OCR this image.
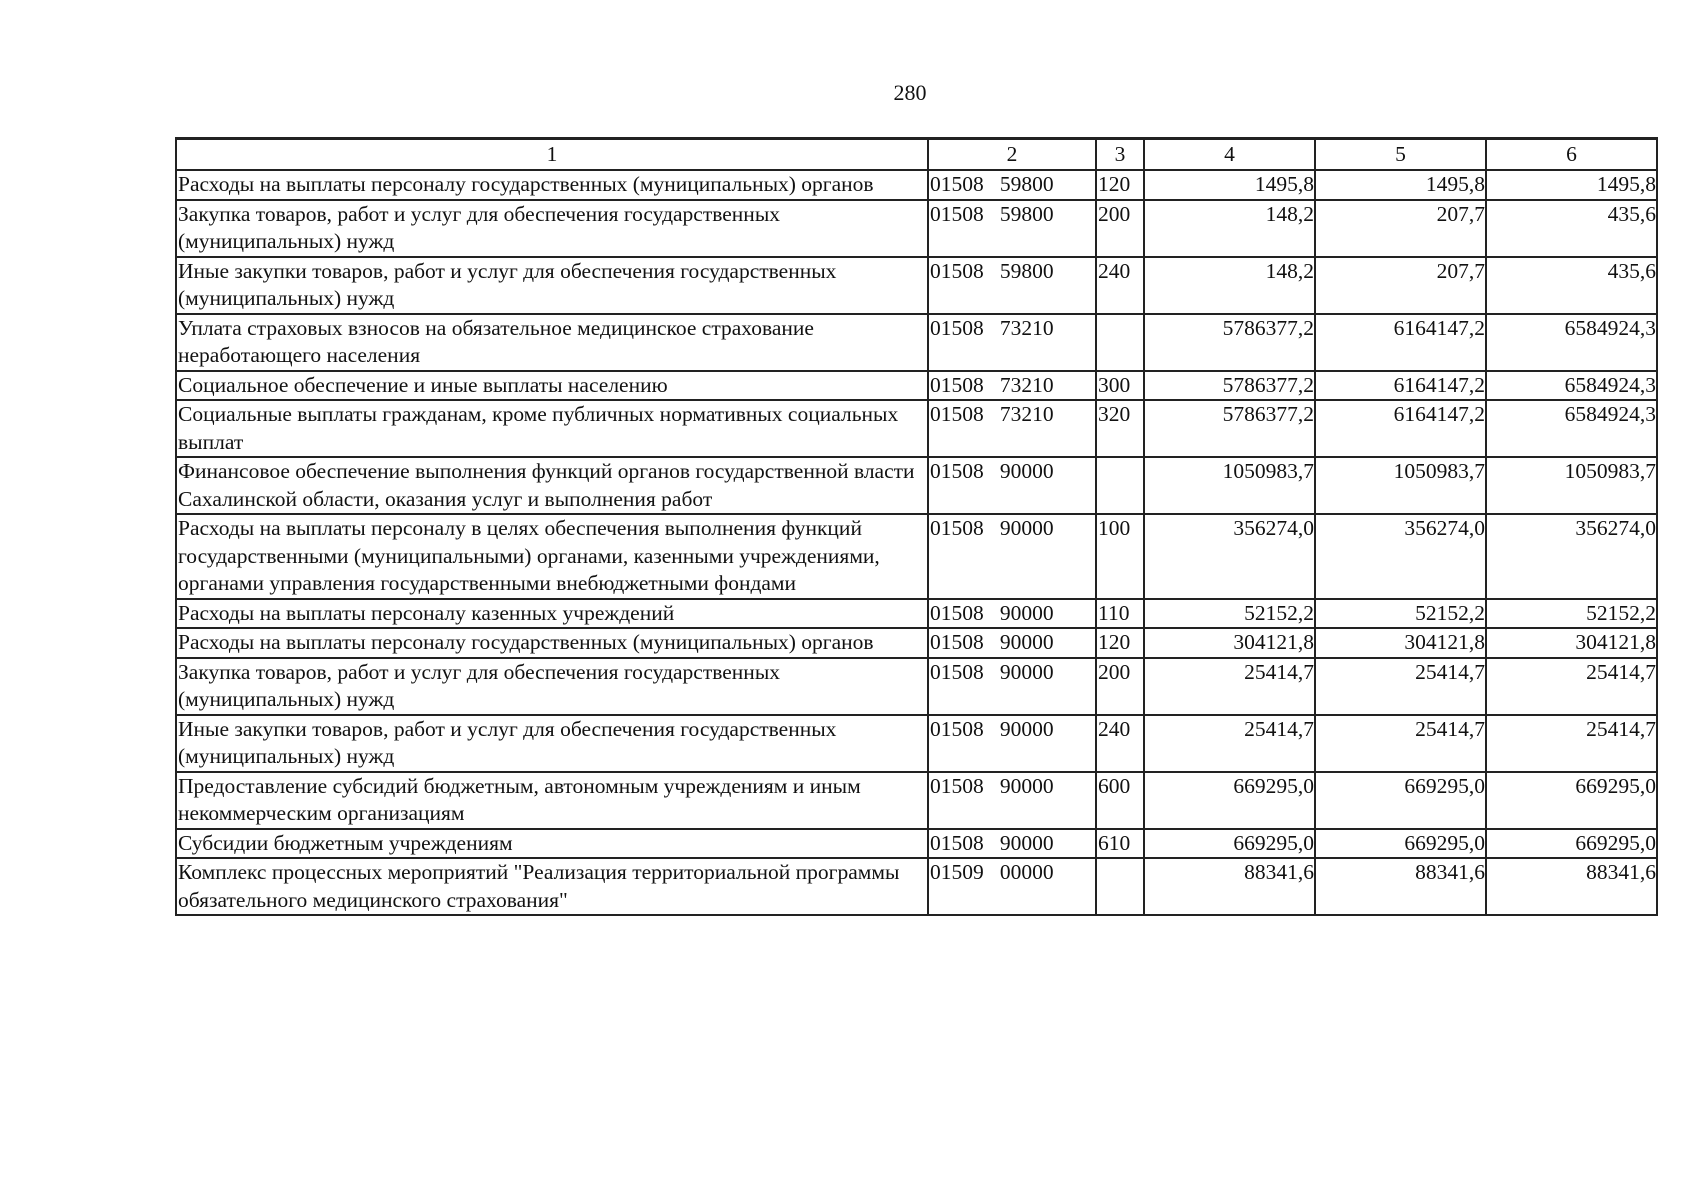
280
1	2	3	4	5	6
Расходы на выплаты персоналу государственных (муниципальных) органов	01508   59800	120	1495,8	1495,8	1495,8
Закупка товаров, работ и услуг для обеспечения государственных (муниципальных) нужд	01508   59800	200	148,2	207,7	435,6
Иные закупки товаров, работ и услуг для обеспечения государственных (муниципальных) нужд	01508   59800	240	148,2	207,7	435,6
Уплата страховых взносов на обязательное медицинское страхование неработающего населения	01508   73210		5786377,2	6164147,2	6584924,3
Социальное обеспечение и иные выплаты населению	01508   73210	300	5786377,2	6164147,2	6584924,3
Социальные выплаты гражданам, кроме публичных нормативных социальных выплат	01508   73210	320	5786377,2	6164147,2	6584924,3
Финансовое обеспечение выполнения функций органов государственной власти Сахалинской области, оказания услуг и выполнения работ	01508   90000		1050983,7	1050983,7	1050983,7
Расходы на выплаты персоналу в целях обеспечения выполнения функций государственными (муниципальными) органами, казенными учреждениями, органами управления государственными внебюджетными фондами	01508   90000	100	356274,0	356274,0	356274,0
Расходы на выплаты персоналу казенных учреждений	01508   90000	110	52152,2	52152,2	52152,2
Расходы на выплаты персоналу государственных (муниципальных) органов	01508   90000	120	304121,8	304121,8	304121,8
Закупка товаров, работ и услуг для обеспечения государственных (муниципальных) нужд	01508   90000	200	25414,7	25414,7	25414,7
Иные закупки товаров, работ и услуг для обеспечения государственных (муниципальных) нужд	01508   90000	240	25414,7	25414,7	25414,7
Предоставление субсидий бюджетным, автономным учреждениям и иным некоммерческим организациям	01508   90000	600	669295,0	669295,0	669295,0
Субсидии бюджетным учреждениям	01508   90000	610	669295,0	669295,0	669295,0
Комплекс процессных мероприятий "Реализация территориальной программы обязательного медицинского страхования"	01509   00000		88341,6	88341,6	88341,6
